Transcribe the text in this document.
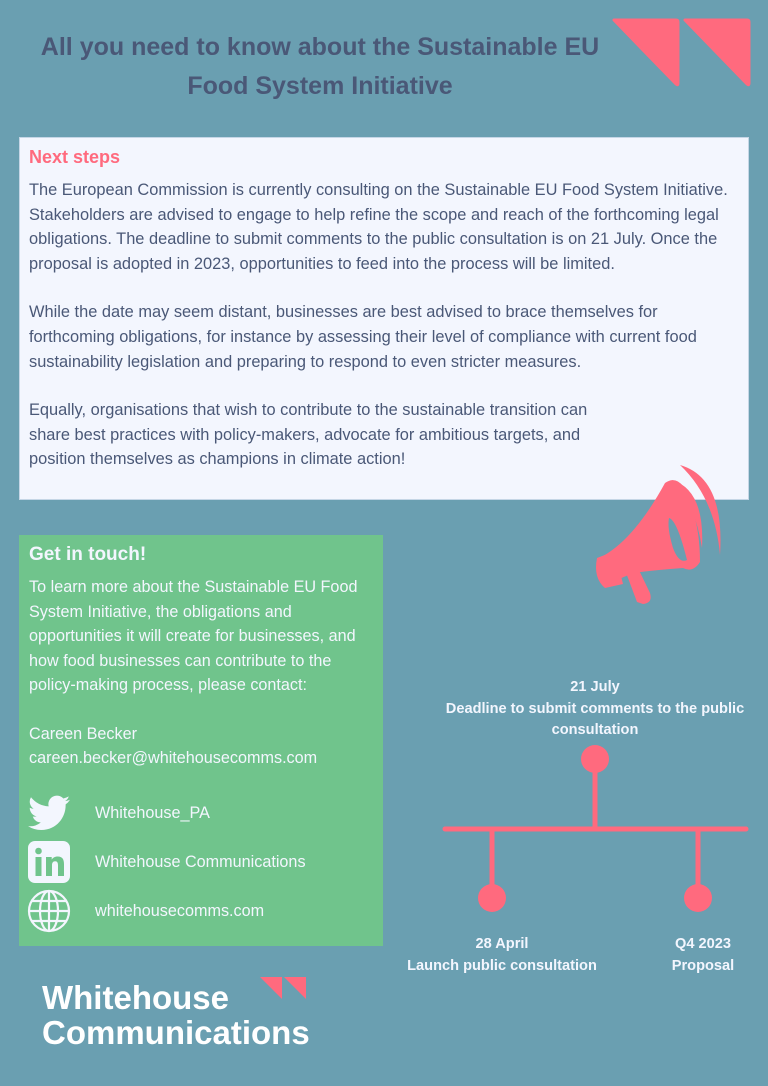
All you need to know about the Sustainable EU
Food System Initiative
Next steps

The European Commission is currently consulting on the Sustainable EU Food System Initiative. Stakeholders are advised to engage to help refine the scope and reach of the forthcoming legal obligations. The deadline to submit comments to the public consultation is on 21 July. Once the proposal is adopted in 2023, opportunities to feed into the process will be limited.

While the date may seem distant, businesses are best advised to brace themselves for forthcoming obligations, for instance by assessing their level of compliance with current food sustainability legislation and preparing to respond to even stricter measures.

Equally, organisations that wish to contribute to the sustainable transition can share best practices with policy-makers, advocate for ambitious targets, and position themselves as champions in climate action!

Get in touch!

To learn more about the Sustainable EU Food System Initiative, the obligations and opportunities it will create for businesses, and how food businesses can contribute to the policy-making process, please contact:

Careen Becker

careen.becker@whitehousecomms.com

Whitehouse_PA
Whitehouse Communications
whitehousecomms.com
21 July
Deadline to submit comments to the public consultation
28 April
Launch public consultation
Q4 2023
Proposal
Whitehouse
Communications
